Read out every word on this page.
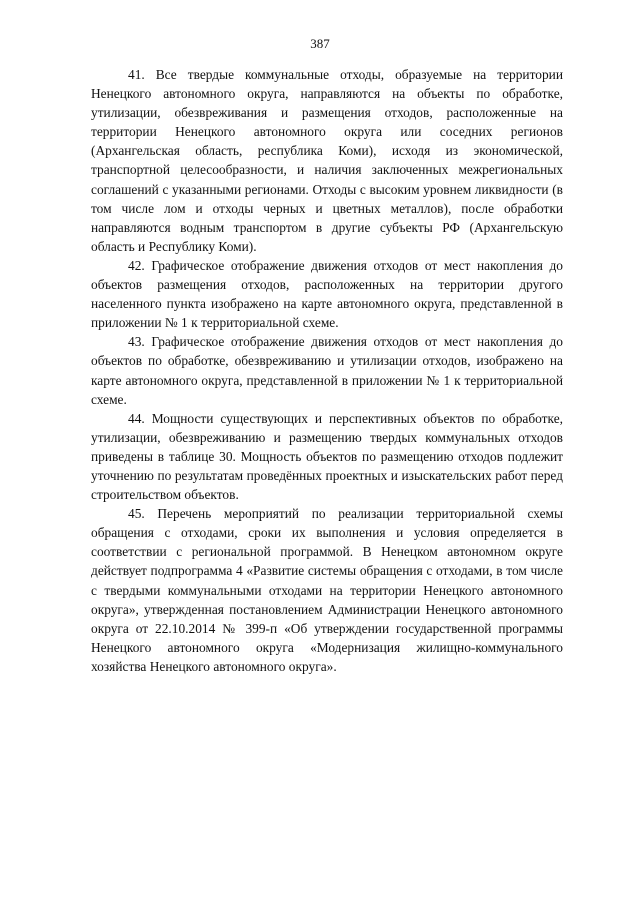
387

41. Все твердые коммунальные отходы, образуемые на территории Ненецкого автономного округа, направляются на объекты по обработке, утилизации, обезвреживания и размещения отходов, расположенные на территории Ненецкого автономного округа или соседних регионов (Архангельская область, республика Коми), исходя из экономической, транспортной целесообразности, и наличия заключенных межрегиональных соглашений с указанными регионами. Отходы с высоким уровнем ликвидности (в том числе лом и отходы черных и цветных металлов), после обработки направляются водным транспортом в другие субъекты РФ (Архангельскую область и Республику Коми).

42. Графическое отображение движения отходов от мест накопления до объектов размещения отходов, расположенных на территории другого населенного пункта изображено на карте автономного округа, представленной в приложении № 1 к территориальной схеме.

43. Графическое отображение движения отходов от мест накопления до объектов по обработке, обезвреживанию и утилизации отходов, изображено на карте автономного округа, представленной в приложении № 1 к территориальной схеме.

44. Мощности существующих и перспективных объектов по обработке, утилизации, обезвреживанию и размещению твердых коммунальных отходов приведены в таблице 30. Мощность объектов по размещению отходов подлежит уточнению по результатам проведённых проектных и изыскательских работ перед строительством объектов.

45. Перечень мероприятий по реализации территориальной схемы обращения с отходами, сроки их выполнения и условия определяется в соответствии с региональной программой. В Ненецком автономном округе действует подпрограмма 4 «Развитие системы обращения с отходами, в том числе с твердыми коммунальными отходами на территории Ненецкого автономного округа», утвержденная постановлением Администрации Ненецкого автономного округа от 22.10.2014 № 399-п «Об утверждении государственной программы Ненецкого автономного округа «Модернизация жилищно-коммунального хозяйства Ненецкого автономного округа».
